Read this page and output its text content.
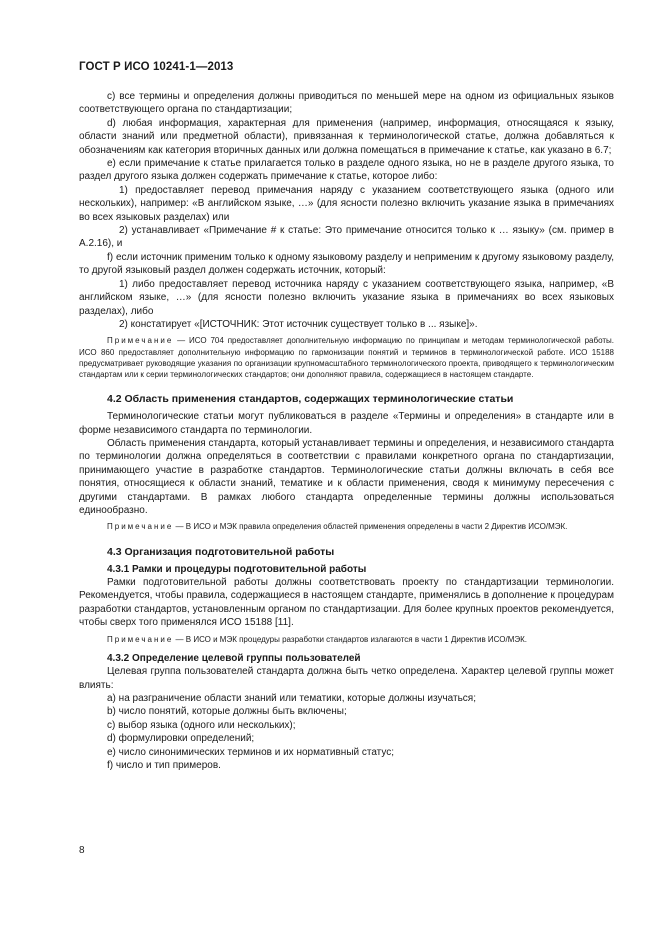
ГОСТ Р ИСО 10241-1—2013

c) все термины и определения должны приводиться по меньшей мере на одном из официальных языков соответствующего органа по стандартизации;

d) любая информация, характерная для применения (например, информация, относящаяся к языку, области знаний или предметной области), привязанная к терминологической статье, должна добавляться к обозначениям как категория вторичных данных или должна помещаться в примечание к статье, как указано в 6.7;

e) если примечание к статье прилагается только в разделе одного языка, но не в разделе другого языка, то раздел другого языка должен содержать примечание к статье, которое либо:

1) предоставляет перевод примечания наряду с указанием соответствующего языка (одного или нескольких), например: «В английском языке, …» (для ясности полезно включить указание языка в примечаниях во всех языковых разделах) или

2) устанавливает «Примечание # к статье: Это примечание относится только к … языку» (см. пример в А.2.16), и

f) если источник применим только к одному языковому разделу и неприменим к другому языковому разделу, то другой языковый раздел должен содержать источник, который:

1) либо предоставляет перевод источника наряду с указанием соответствующего языка, например, «В английском языке, …» (для ясности полезно включить указание языка в примечаниях во всех языковых разделах), либо

2) констатирует «[ИСТОЧНИК: Этот источник существует только в ... языке]».

Примечание — ИСО 704 предоставляет дополнительную информацию по принципам и методам терминологической работы. ИСО 860 предоставляет дополнительную информацию по гармонизации понятий и терминов в терминологической работе. ИСО 15188 предусматривает руководящие указания по организации крупномасштабного терминологического проекта, приводящего к терминологическим стандартам или к серии терминологических стандартов; они дополняют правила, содержащиеся в настоящем стандарте.

4.2 Область применения стандартов, содержащих терминологические статьи

Терминологические статьи могут публиковаться в разделе «Термины и определения» в стандарте или в форме независимого стандарта по терминологии.

Область применения стандарта, который устанавливает термины и определения, и независимого стандарта по терминологии должна определяться в соответствии с правилами конкретного органа по стандартизации, принимающего участие в разработке стандартов. Терминологические статьи должны включать в себя все понятия, относящиеся к области знаний, тематике и к области применения, сводя к минимуму пересечения с другими стандартами. В рамках любого стандарта определенные термины должны использоваться единообразно.

Примечание — В ИСО и МЭК правила определения областей применения определены в части 2 Директив ИСО/МЭК.

4.3 Организация подготовительной работы

4.3.1 Рамки и процедуры подготовительной работы

Рамки подготовительной работы должны соответствовать проекту по стандартизации терминологии. Рекомендуется, чтобы правила, содержащиеся в настоящем стандарте, применялись в дополнение к процедурам разработки стандартов, установленным органом по стандартизации. Для более крупных проектов рекомендуется, чтобы сверх того применялся ИСО 15188 [11].

Примечание — В ИСО и МЭК процедуры разработки стандартов излагаются в части 1 Директив ИСО/МЭК.

4.3.2 Определение целевой группы пользователей

Целевая группа пользователей стандарта должна быть четко определена. Характер целевой группы может влиять:

a) на разграничение области знаний или тематики, которые должны изучаться;

b) число понятий, которые должны быть включены;

c) выбор языка (одного или нескольких);

d) формулировки определений;

e) число синонимических терминов и их нормативный статус;

f) число и тип примеров.

8
